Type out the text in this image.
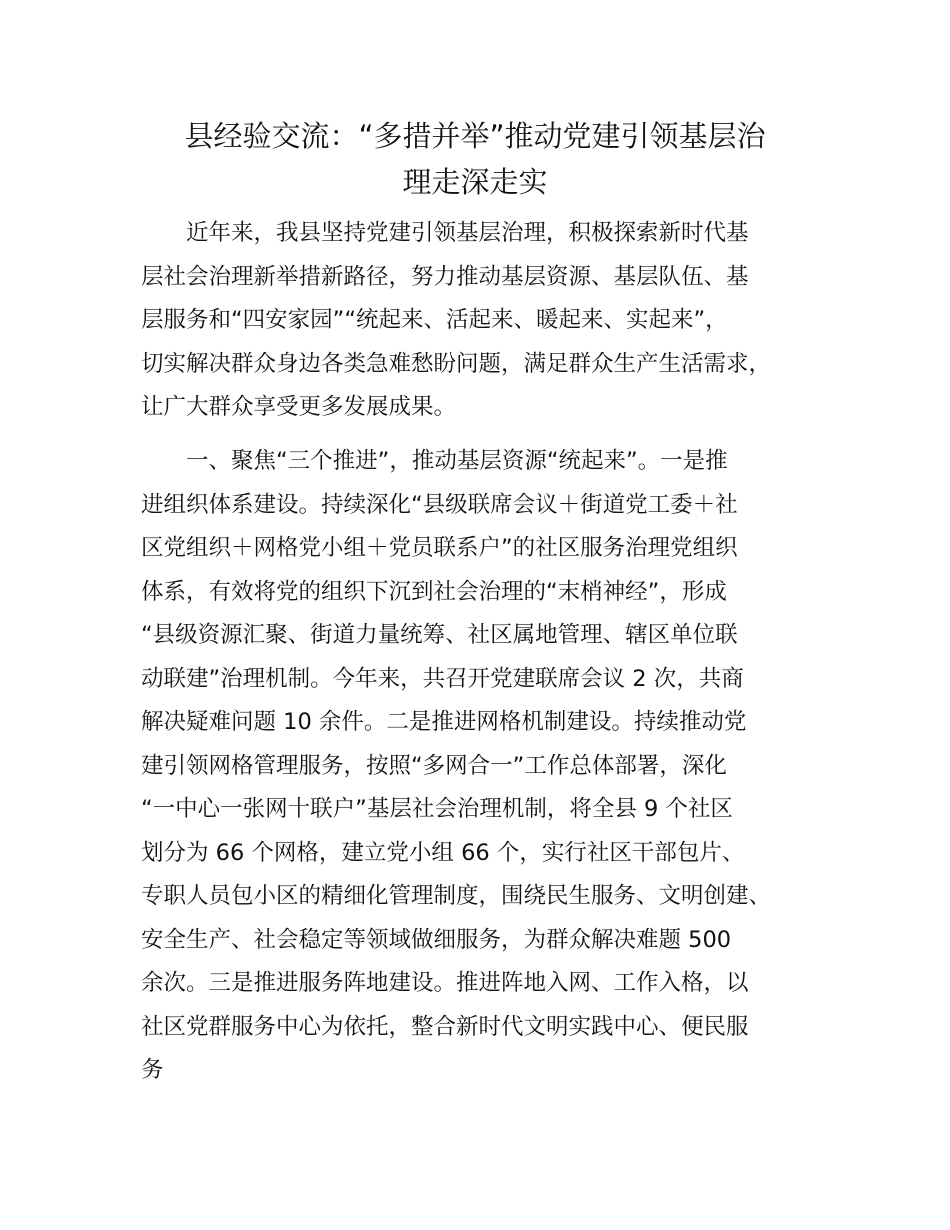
县经验交流：“多措并举”推动党建引领基层治
理走深走实

　　近年来，我县坚持党建引领基层治理，积极探索新时代基
层社会治理新举措新路径，努力推动基层资源、基层队伍、基
层服务和“四安家园”“统起来、活起来、暖起来、实起来”，
切实解决群众身边各类急难愁盼问题，满足群众生产生活需求，
让广大群众享受更多发展成果。

　　一、聚焦“三个推进”，推动基层资源“统起来”。一是推
进组织体系建设。持续深化“县级联席会议＋街道党工委＋社
区党组织＋网格党小组＋党员联系户”的社区服务治理党组织
体系，有效将党的组织下沉到社会治理的“末梢神经”，形成
“县级资源汇聚、街道力量统筹、社区属地管理、辖区单位联
动联建”治理机制。今年来，共召开党建联席会议 2 次，共商
解决疑难问题 10 余件。二是推进网格机制建设。持续推动党
建引领网格管理服务，按照“多网合一”工作总体部署，深化
“一中心一张网十联户”基层社会治理机制，将全县 9 个社区
划分为 66 个网格，建立党小组 66 个，实行社区干部包片、
专职人员包小区的精细化管理制度，围绕民生服务、文明创建、
安全生产、社会稳定等领域做细服务，为群众解决难题 500
余次。三是推进服务阵地建设。推进阵地入网、工作入格，以
社区党群服务中心为依托，整合新时代文明实践中心、便民服
务
